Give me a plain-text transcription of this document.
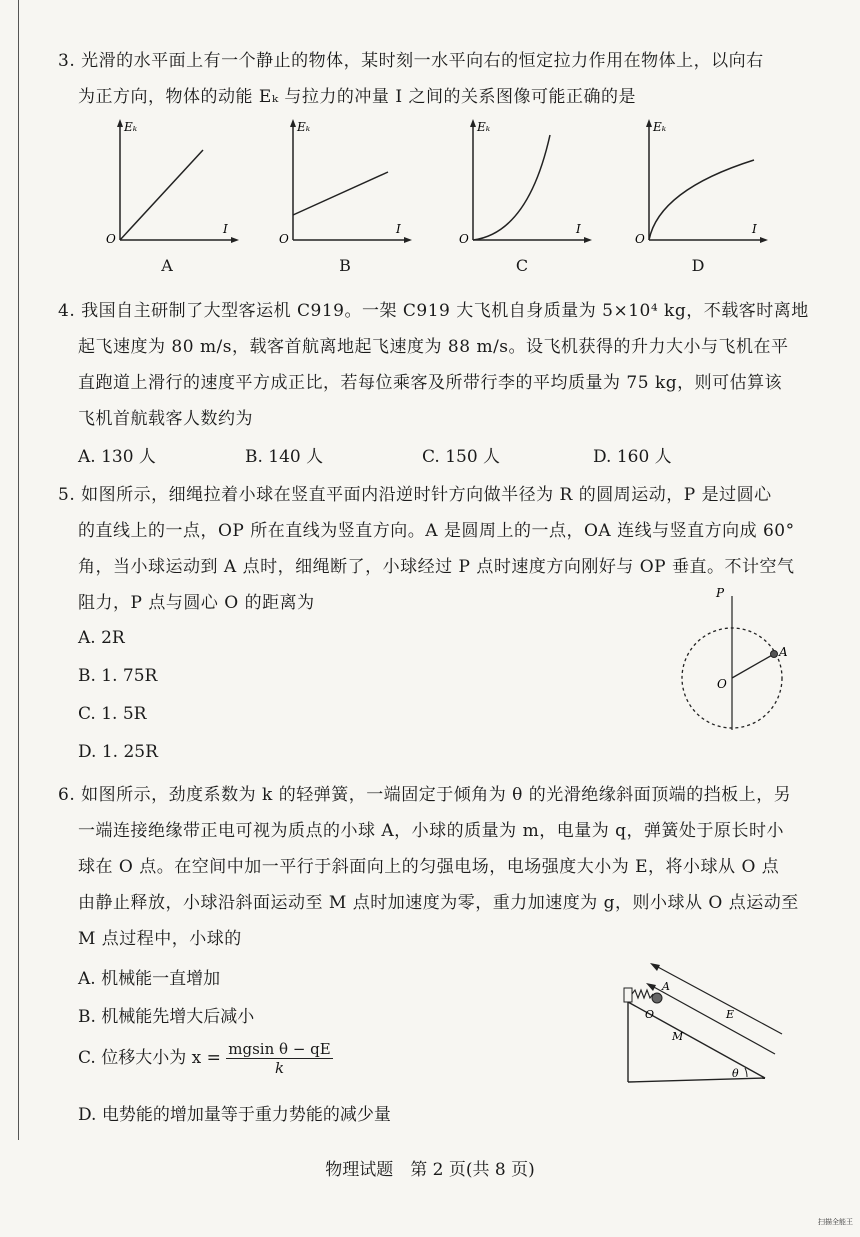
3. 光滑的水平面上有一个静止的物体，某时刻一水平向右的恒定拉力作用在物体上，以向右
为正方向，物体的动能 Eₖ 与拉力的冲量 I 之间的关系图像可能正确的是
Eₖ
I
O
A
Eₖ
I
O
B
Eₖ
I
O
C
Eₖ
I
O
D
4. 我国自主研制了大型客运机 C919。一架 C919 大飞机自身质量为 5×10⁴ kg，不载客时离地
起飞速度为 80 m/s，载客首航离地起飞速度为 88 m/s。设飞机获得的升力大小与飞机在平
直跑道上滑行的速度平方成正比，若每位乘客及所带行李的平均质量为 75 kg，则可估算该
飞机首航载客人数约为
A. 130 人	B. 140 人	C. 150 人	D. 160 人
5. 如图所示，细绳拉着小球在竖直平面内沿逆时针方向做半径为 R 的圆周运动，P 是过圆心
的直线上的一点，OP 所在直线为竖直方向。A 是圆周上的一点，OA 连线与竖直方向成 60°
角，当小球运动到 A 点时，细绳断了，小球经过 P 点时速度方向刚好与 OP 垂直。不计空气
阻力，P 点与圆心 O 的距离为
A. 2R
B. 1. 75R
C. 1. 5R
D. 1. 25R
P
O
A
6. 如图所示，劲度系数为 k 的轻弹簧，一端固定于倾角为 θ 的光滑绝缘斜面顶端的挡板上，另
一端连接绝缘带正电可视为质点的小球 A，小球的质量为 m，电量为 q，弹簧处于原长时小
球在 O 点。在空间中加一平行于斜面向上的匀强电场，电场强度大小为 E，将小球从 O 点
由静止释放，小球沿斜面运动至 M 点时加速度为零，重力加速度为 g，则小球从 O 点运动至
M 点过程中，小球的
A. 机械能一直增加
B. 机械能先增大后减小
C. 位移大小为 $x = \frac{\text{mgsin θ − qE}}{k}$
D. 电势能的增加量等于重力势能的减少量
A
O
M
E
θ
物理试题　第 2 页(共 8 页)
扫描全能王
